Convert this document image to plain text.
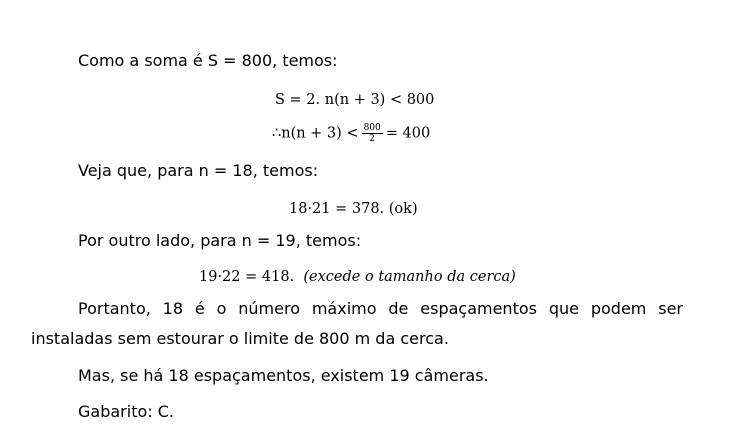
Como a soma é S = 800, temos:
S = 2. n(n + 3) < 800
∴n(n + $3) < \frac{800}{2} = 400$
Veja que, para n = 18, temos:
18·21 = 378. (ok)
Por outro lado, para n = 19, temos:
19·22 = 418. (excede o tamanho da cerca)
Portanto, 18 é o número máximo de espaçamentos que podem ser
instaladas sem estourar o limite de 800 m da cerca.
Mas, se há 18 espaçamentos, existem 19 câmeras.
Gabarito: C.
